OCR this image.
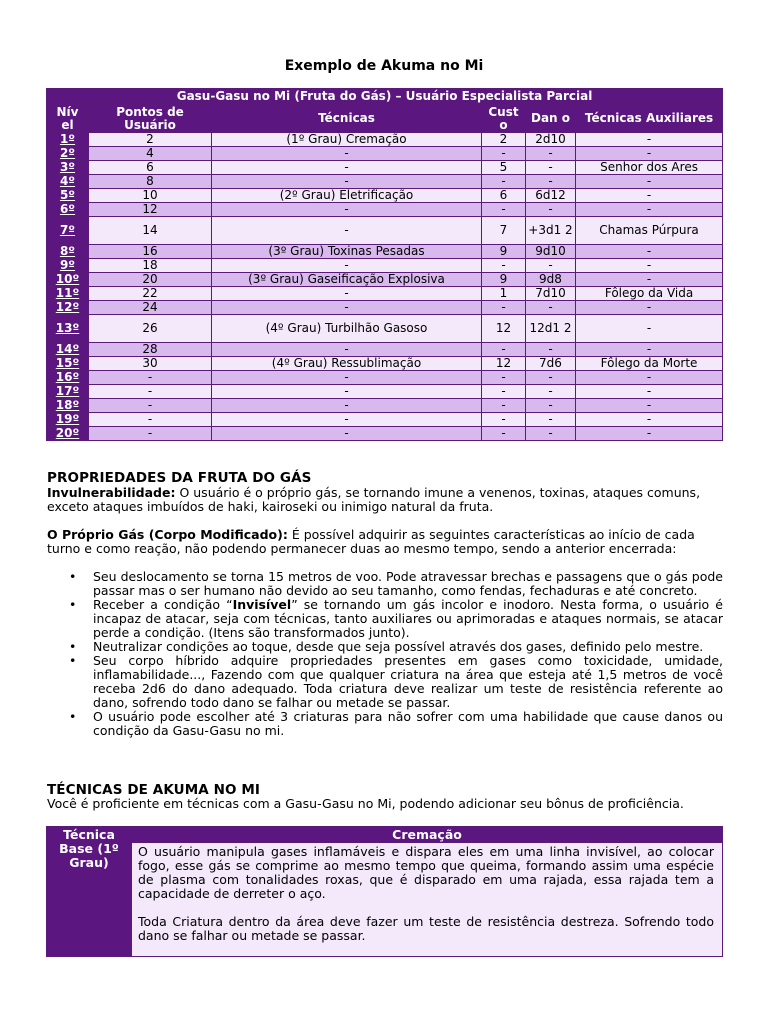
Exemplo de Akuma no Mi
Gasu-Gasu no Mi (Fruta do Gás) – Usuário Especialista Parcial					
Nív el	Pontos de Usuário	Técnicas	Cust o	Dan o	Técnicas Auxiliares
1º	2	(1º Grau) Cremação	2	2d10	-
2º	4	-	-	-	-
3º	6	-	5	-	Senhor dos Ares
4º	8	-	-	-	-
5º	10	(2º Grau) Eletrificação	6	6d12	-
6º	12	-	-	-	-
7º	14	-	7	+3d1 2	Chamas Púrpura
8º	16	(3º Grau) Toxinas Pesadas	9	9d10	-
9º	18	-	-	-	-
10º	20	(3º Grau) Gaseificação Explosiva	9	9d8	-
11º	22	-	1	7d10	Fôlego da Vida
12º	24	-	-	-	-
13º	26	(4º Grau) Turbilhão Gasoso	12	12d1 2	-
14º	28	-	-	-	-
15º	30	(4º Grau) Ressublimação	12	7d6	Fôlego da Morte
16º	-	-	-	-	-
17º	-	-	-	-	-
18º	-	-	-	-	-
19º	-	-	-	-	-
20º	-	-	-	-	-
PROPRIEDADES DA FRUTA DO GÁS
Invulnerabilidade: O usuário é o próprio gás, se tornando imune a venenos, toxinas, ataques comuns, exceto ataques imbuídos de haki, kairoseki ou inimigo natural da fruta.
O Próprio Gás (Corpo Modificado): É possível adquirir as seguintes características ao início de cada turno e como reação, não podendo permanecer duas ao mesmo tempo, sendo a anterior encerrada:
• Seu deslocamento se torna 15 metros de voo. Pode atravessar brechas e passagens que o gás pode passar mas o ser humano não devido ao seu tamanho, como fendas, fechaduras e até concreto.
• Receber a condição “Invisível” se tornando um gás incolor e inodoro. Nesta forma, o usuário é incapaz de atacar, seja com técnicas, tanto auxiliares ou aprimoradas e ataques normais, se atacar perde a condição. (Itens são transformados junto).
• Neutralizar condições ao toque, desde que seja possível através dos gases, definido pelo mestre.
• Seu corpo híbrido adquire propriedades presentes em gases como toxicidade, umidade, inflamabilidade..., Fazendo com que qualquer criatura na área que esteja até 1,5 metros de você receba 2d6 do dano adequado. Toda criatura deve realizar um teste de resistência referente ao dano, sofrendo todo dano se falhar ou metade se passar.
• O usuário pode escolher até 3 criaturas para não sofrer com uma habilidade que cause danos ou condição da Gasu-Gasu no mi.
TÉCNICAS DE AKUMA NO MI
Você é proficiente em técnicas com a Gasu-Gasu no Mi, podendo adicionar seu bônus de proficiência.
Técnica Base (1º Grau)	Cremação

O usuário manipula gases inflamáveis e dispara eles em uma linha invisível, ao colocar fogo, esse gás se comprime ao mesmo tempo que queima, formando assim uma espécie de plasma com tonalidades roxas, que é disparado em uma rajada, essa rajada tem a capacidade de derreter o aço.

Toda Criatura dentro da área deve fazer um teste de resistência destreza. Sofrendo todo dano se falhar ou metade se passar.
